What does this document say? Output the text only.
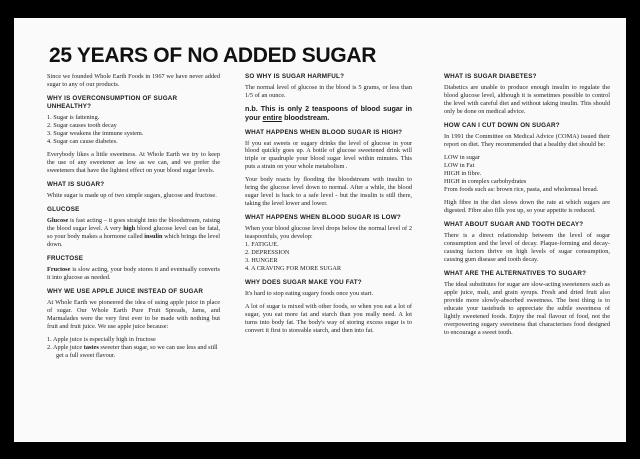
25 YEARS OF NO ADDED SUGAR

Since we founded Whole Earth Foods in 1967 we have never added sugar to any of our products.

WHY IS OVERCONSUMPTION OF SUGAR UNHEALTHY?
1. Sugar is fattening.
2. Sugar causes tooth decay
3. Sugar weakens the immune system.
4. Sugar can cause diabetes.

Everybody likes a little sweetness. At Whole Earth we try to keep the use of any sweetener as low as we can, and we prefer the sweeteners that have the lightest effect on your blood sugar levels.

WHAT IS SUGAR?

White sugar is made up of two simple sugars, glucose and fructose.

GLUCOSE

Glucose is fast acting – it goes straight into the bloodstream, raising the blood sugar level. A very high blood glucose level can be fatal, so your body makes a hormone called insulin which brings the level down.

FRUCTOSE

Fructose is slow acting, your body stores it and eventually converts it into glucose as needed.

WHY WE USE APPLE JUICE INSTEAD OF SUGAR

At Whole Earth we pioneered the idea of using apple juice in place of sugar. Our Whole Earth Pure Fruit Spreads, Jams, and Marmalades were the very first ever to be made with nothing but fruit and fruit juice. We use apple juice because:

1. Apple juice is especially high in fructose
2. Apple juice tastes sweeter than sugar, so we can use less and still get a full sweet flavour.
SO WHY IS SUGAR HARMFUL?

The normal level of glucose in the blood is 5 grams, or less than 1/5 of an ounce.

n.b. This is only 2 teaspoons of blood sugar in your entire bloodstream.

WHAT HAPPENS WHEN BLOOD SUGAR IS HIGH?

If you eat sweets or sugary drinks the level of glucose in your blood quickly goes up. A bottle of glucose sweetened drink will triple or quadruple your blood sugar level within minutes. This puts a strain on your whole metabolism .

Your body reacts by flooding the bloodstream with insulin to bring the glucose level down to normal. After a while, the blood sugar level is back to a safe level - but the insulin is still there, taking the level lower and lower.

WHAT HAPPENS WHEN BLOOD SUGAR IS LOW?

When your blood glucose level drops below the normal level of 2 teaspoonfuls, you develop:

1. FATIGUE.
2. DEPRESSION
3. HUNGER
4. A CRAVING FOR MORE SUGAR
WHY DOES SUGAR MAKE YOU FAT?

It's hard to stop eating sugary foods once you start.

A lot of sugar is mixed with other foods, so when you eat a lot of sugar, you eat more fat and starch than you really need. A lot turns into body fat. The body's way of storing excess sugar is to convert it first to storeable starch, and then into fat.

WHAT IS SUGAR DIABETES?

Diabetics are unable to produce enough insulin to regulate the blood glucose level, although it is sometimes possible to control the level with careful diet and without taking insulin. This should only be done on medical advice.

HOW CAN I CUT DOWN ON SUGAR?

In 1991 the Committee on Medical Advice (COMA) issued their report on diet. They recommended that a healthy diet should be:

LOW in sugar
LOW in Fat
HIGH in fibre.
HIGH in complex carbohydrates

From foods such as: brown rice, pasta, and wholemeal bread.

High fibre in the diet slows down the rate at which sugars are digested. Fibre also fills you up, so your appetite is reduced.

WHAT ABOUT SUGAR AND TOOTH DECAY?

There is a direct relationship between the level of sugar consumption and the level of decay. Plaque-forming and decay-causing factors thrive on high levels of sugar consumption, causing gum disease and tooth decay.

WHAT ARE THE ALTERNATIVES TO SUGAR?

The ideal substitutes for sugar are slow-acting sweeteners such as apple juice, malt, and grain syrups. Fresh and dried fruit also provide more slowly-absorbed sweetness. The best thing is to educate your tastebuds to appreciate the subtle sweetness of lightly sweetened foods. Enjoy the real flavour of food, not the overpowering sugary sweetness that characterises food designed to encourage a sweet tooth.
